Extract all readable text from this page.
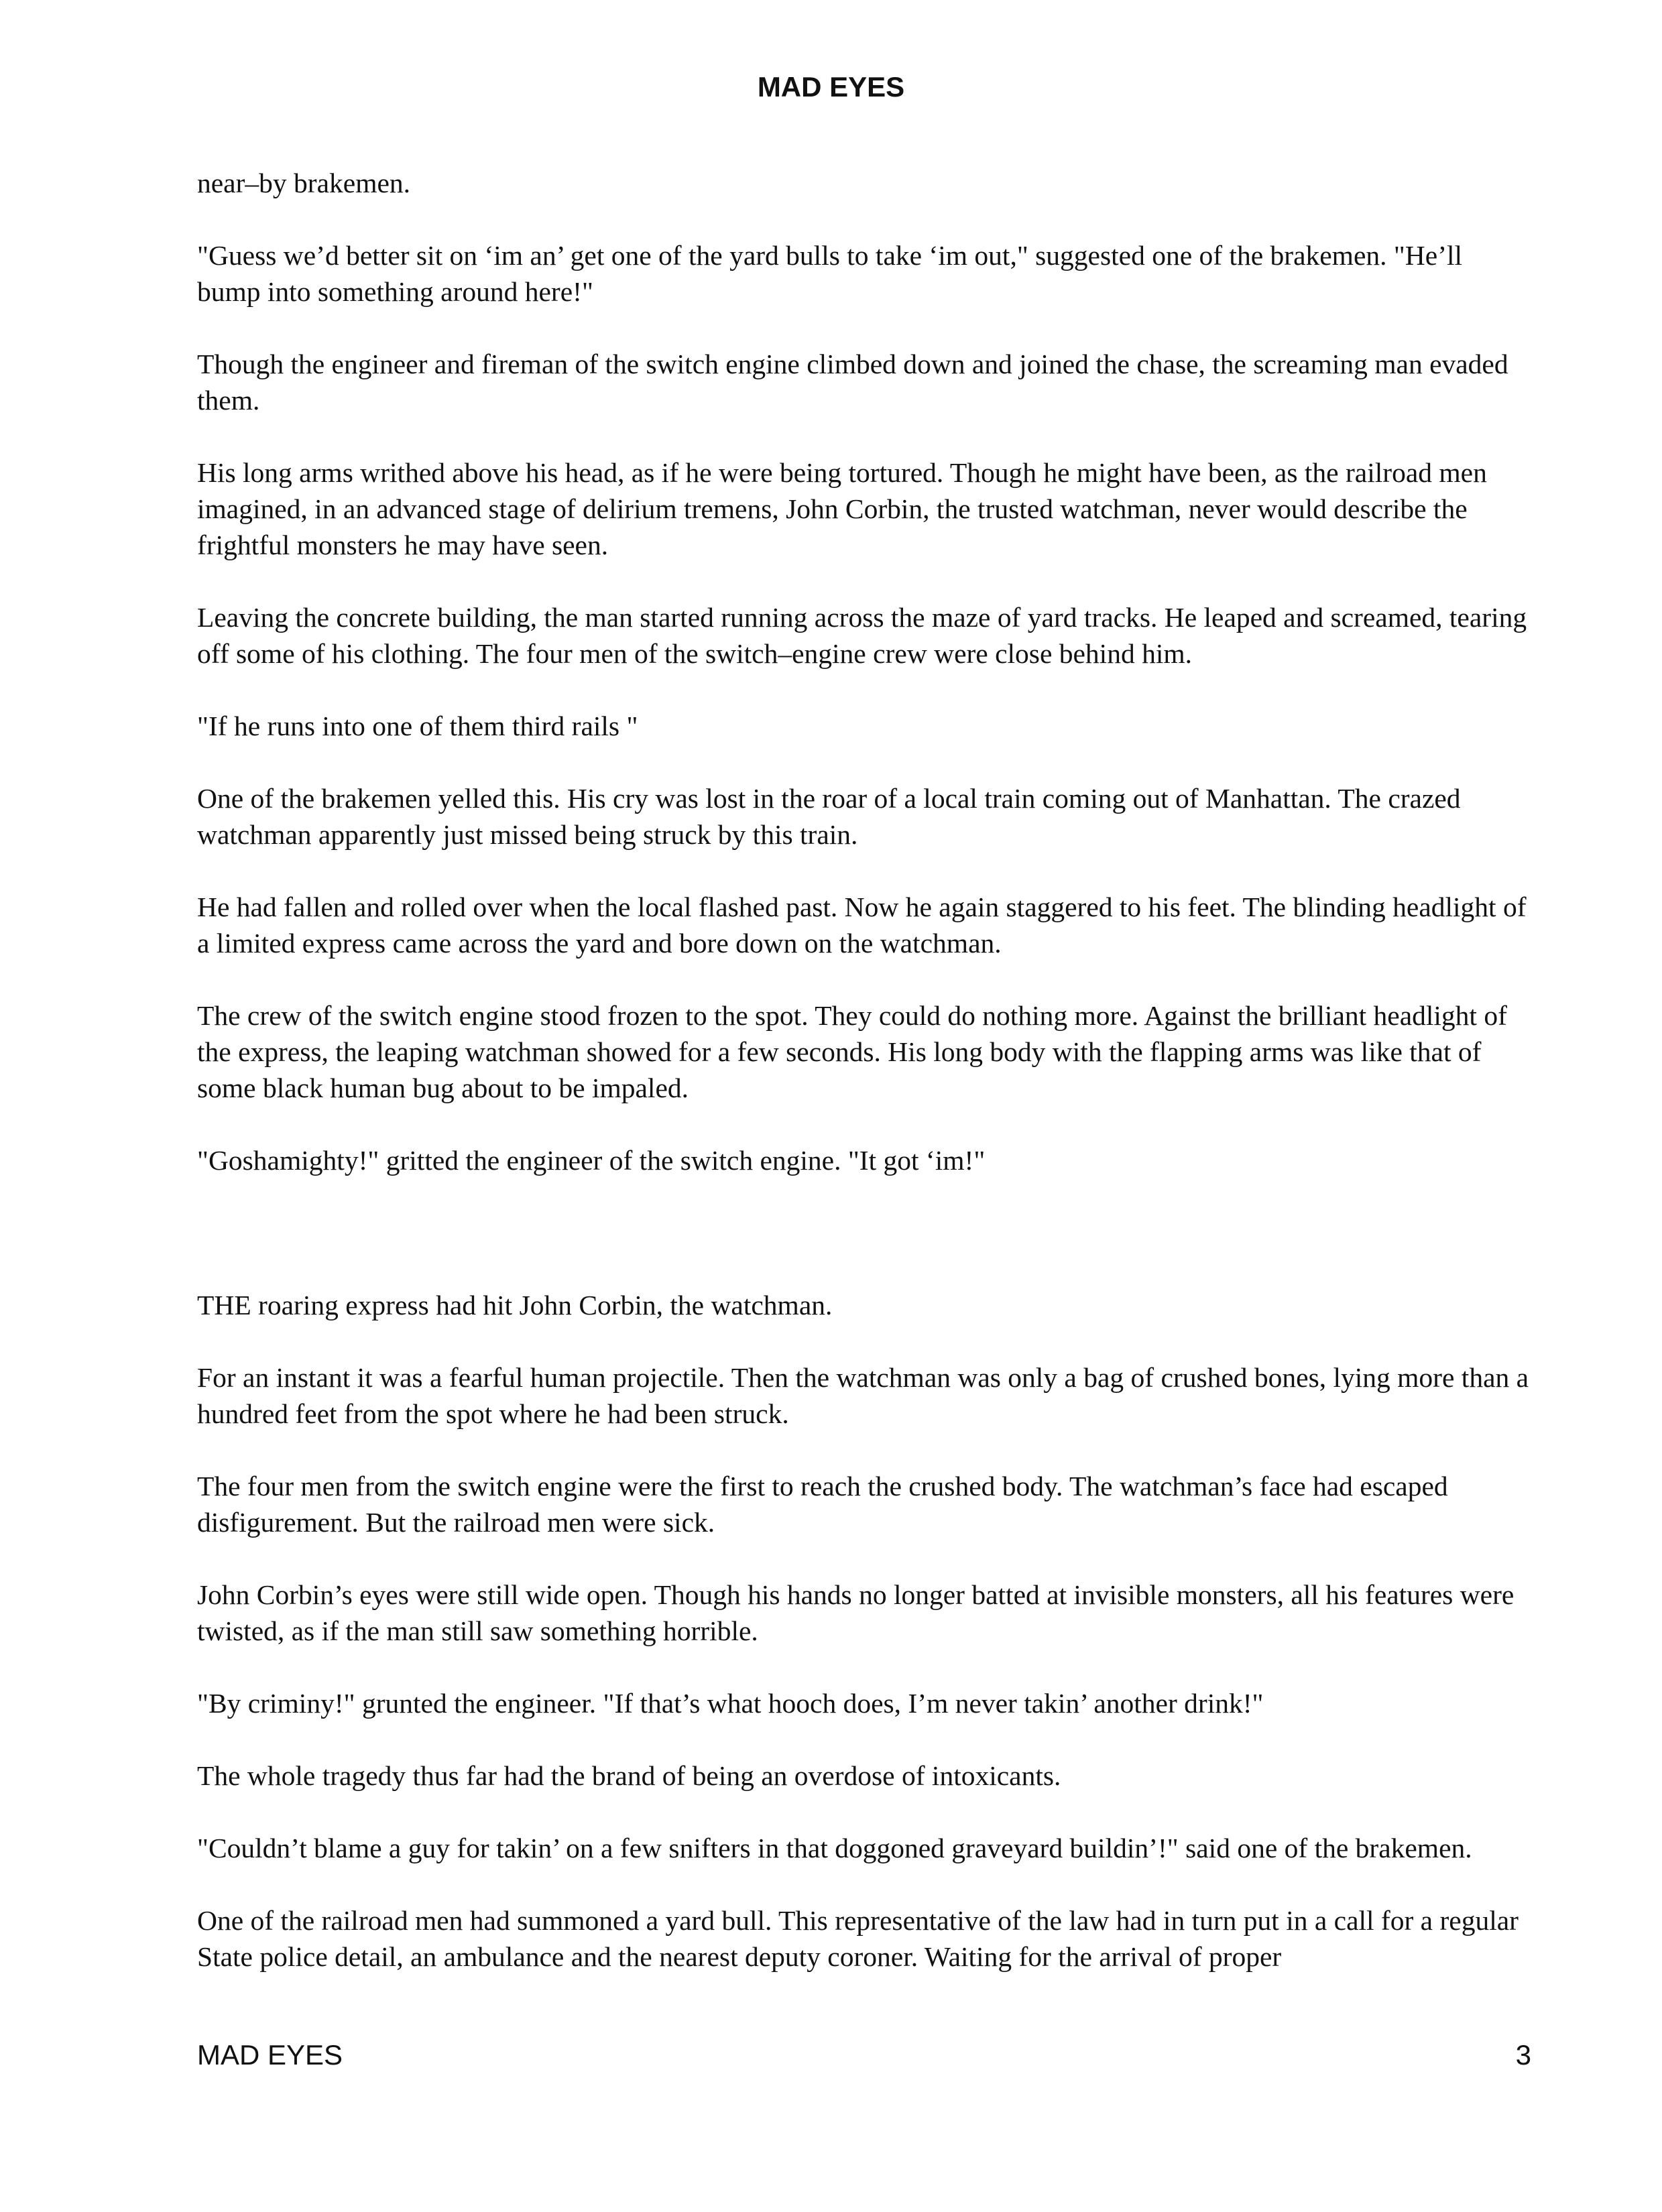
MAD EYES

near–by brakemen.

"Guess we’d better sit on ‘im an’ get one of the yard bulls to take ‘im out," suggested one of the brakemen. "He’ll bump into something around here!"

Though the engineer and fireman of the switch engine climbed down and joined the chase, the screaming man evaded them.

His long arms writhed above his head, as if he were being tortured. Though he might have been, as the railroad men imagined, in an advanced stage of delirium tremens, John Corbin, the trusted watchman, never would describe the frightful monsters he may have seen.

Leaving the concrete building, the man started running across the maze of yard tracks. He leaped and screamed, tearing off some of his clothing. The four men of the switch–engine crew were close behind him.

"If he runs into one of them third rails "

One of the brakemen yelled this. His cry was lost in the roar of a local train coming out of Manhattan. The crazed watchman apparently just missed being struck by this train.

He had fallen and rolled over when the local flashed past. Now he again staggered to his feet. The blinding headlight of a limited express came across the yard and bore down on the watchman.

The crew of the switch engine stood frozen to the spot. They could do nothing more. Against the brilliant headlight of the express, the leaping watchman showed for a few seconds. His long body with the flapping arms was like that of some black human bug about to be impaled.

"Goshamighty!" gritted the engineer of the switch engine. "It got ‘im!"

THE roaring express had hit John Corbin, the watchman.

For an instant it was a fearful human projectile. Then the watchman was only a bag of crushed bones, lying more than a hundred feet from the spot where he had been struck.

The four men from the switch engine were the first to reach the crushed body. The watchman’s face had escaped disfigurement. But the railroad men were sick.

John Corbin’s eyes were still wide open. Though his hands no longer batted at invisible monsters, all his features were twisted, as if the man still saw something horrible.

"By criminy!" grunted the engineer. "If that’s what hooch does, I’m never takin’ another drink!"

The whole tragedy thus far had the brand of being an overdose of intoxicants.

"Couldn’t blame a guy for takin’ on a few snifters in that doggoned graveyard buildin’!" said one of the brakemen.

One of the railroad men had summoned a yard bull. This representative of the law had in turn put in a call for a regular State police detail, an ambulance and the nearest deputy coroner. Waiting for the arrival of proper

MAD EYES	3
